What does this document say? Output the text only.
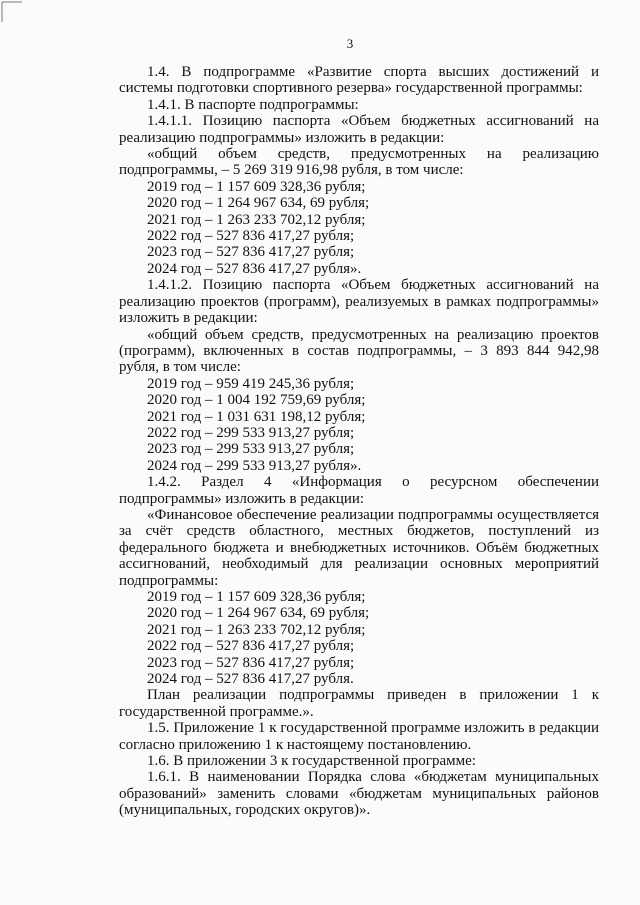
3

1.4. В подпрограмме «Развитие спорта высших достижений и системы подготовки спортивного резерва» государственной программы:

1.4.1. В паспорте подпрограммы:

1.4.1.1. Позицию паспорта «Объем бюджетных ассигнований на реализацию подпрограммы» изложить в редакции:

«общий объем средств, предусмотренных на реализацию подпрограммы, – 5 269 319 916,98 рубля, в том числе:

2019 год – 1 157 609 328,36 рубля;

2020 год – 1 264 967 634, 69 рубля;

2021 год – 1 263 233 702,12 рубля;

2022 год – 527 836 417,27 рубля;

2023 год – 527 836 417,27 рубля;

2024 год – 527 836 417,27 рубля».

1.4.1.2. Позицию паспорта «Объем бюджетных ассигнований на реализацию проектов (программ), реализуемых в рамках подпрограммы» изложить в редакции:

«общий объем средств, предусмотренных на реализацию проектов (программ), включенных в состав подпрограммы, – 3 893 844 942,98 рубля, в том числе:

2019 год – 959 419 245,36 рубля;

2020 год – 1 004 192 759,69 рубля;

2021 год – 1 031 631 198,12 рубля;

2022 год – 299 533 913,27 рубля;

2023 год – 299 533 913,27 рубля;

2024 год – 299 533 913,27 рубля».

1.4.2. Раздел 4 «Информация о ресурсном обеспечении подпрограммы» изложить в редакции:

«Финансовое обеспечение реализации подпрограммы осуществляется за счёт средств областного, местных бюджетов, поступлений из федерального бюджета и внебюджетных источников. Объём бюджетных ассигнований, необходимый для реализации основных мероприятий подпрограммы:

2019 год – 1 157 609 328,36 рубля;

2020 год – 1 264 967 634, 69 рубля;

2021 год – 1 263 233 702,12 рубля;

2022 год – 527 836 417,27 рубля;

2023 год – 527 836 417,27 рубля;

2024 год – 527 836 417,27 рубля.

План реализации подпрограммы приведен в приложении 1 к государственной программе.».

1.5. Приложение 1 к государственной программе изложить в редакции согласно приложению 1 к настоящему постановлению.

1.6. В приложении 3 к государственной программе:

1.6.1. В наименовании Порядка слова «бюджетам муниципальных образований» заменить словами «бюджетам муниципальных районов (муниципальных, городских округов)».
